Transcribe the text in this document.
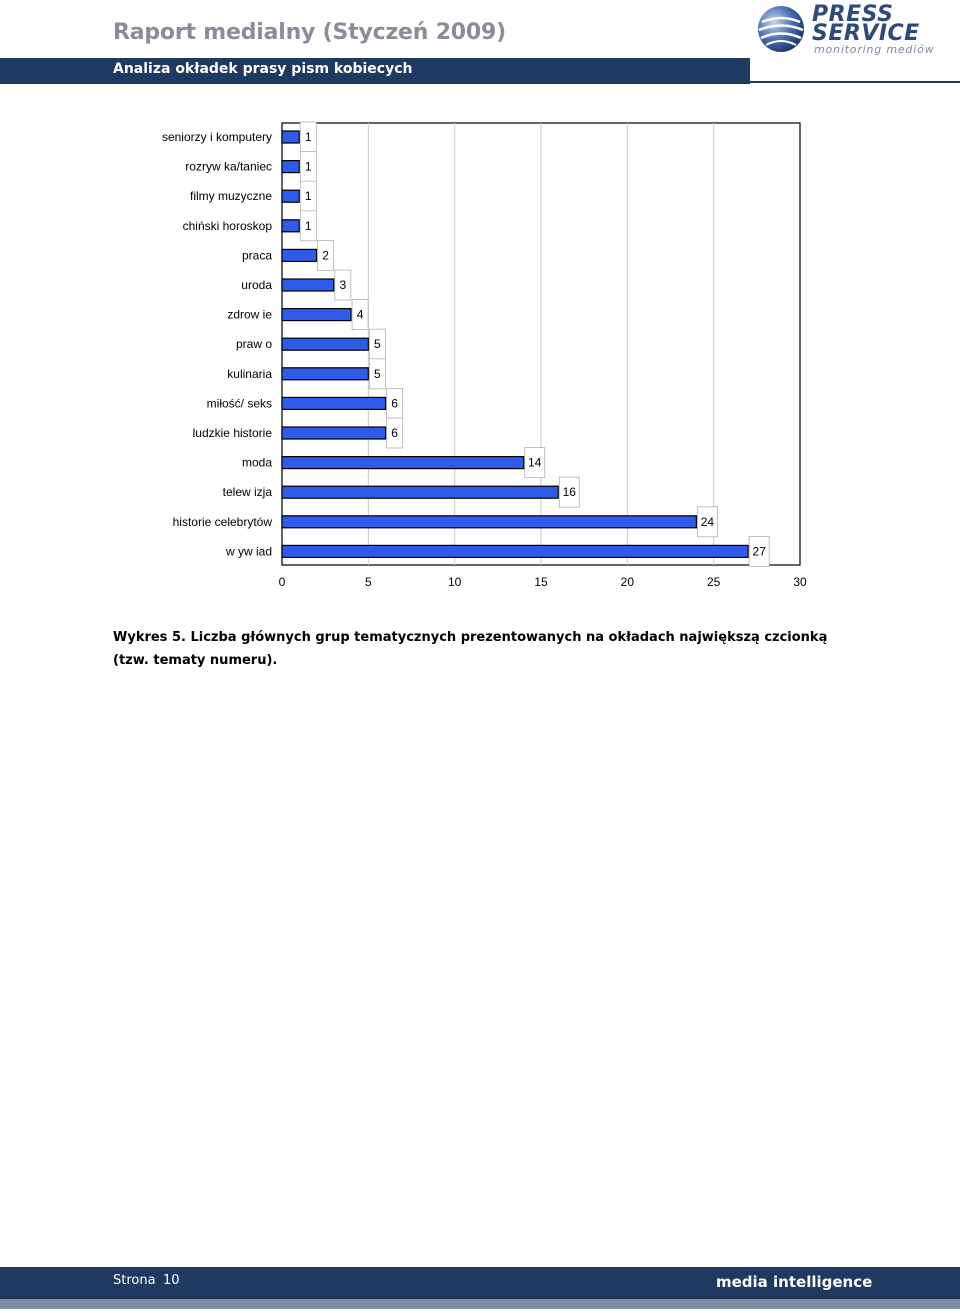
Raport medialny (Styczeń 2009)
PRESS
SERVICE
monitoring mediów

Analiza okładek prasy pism kobiecych

0	5	10	15	20	25	30
seniorzy i komputery	1
rozryw ka/taniec	1
filmy muzyczne	1
chiński horoskop	1
praca	2
uroda	3
zdrow ie	4
praw o	5
kulinaria	5
miłość/ seks	6
ludzkie historie	6
moda	14
telew izja	16
historie celebrytów	24
w yw iad	27

Wykres 5. Liczba głównych grup tematycznych prezentowanych na okładach największą czcionką (tzw. tematy numeru).

Strona 10	media intelligence
